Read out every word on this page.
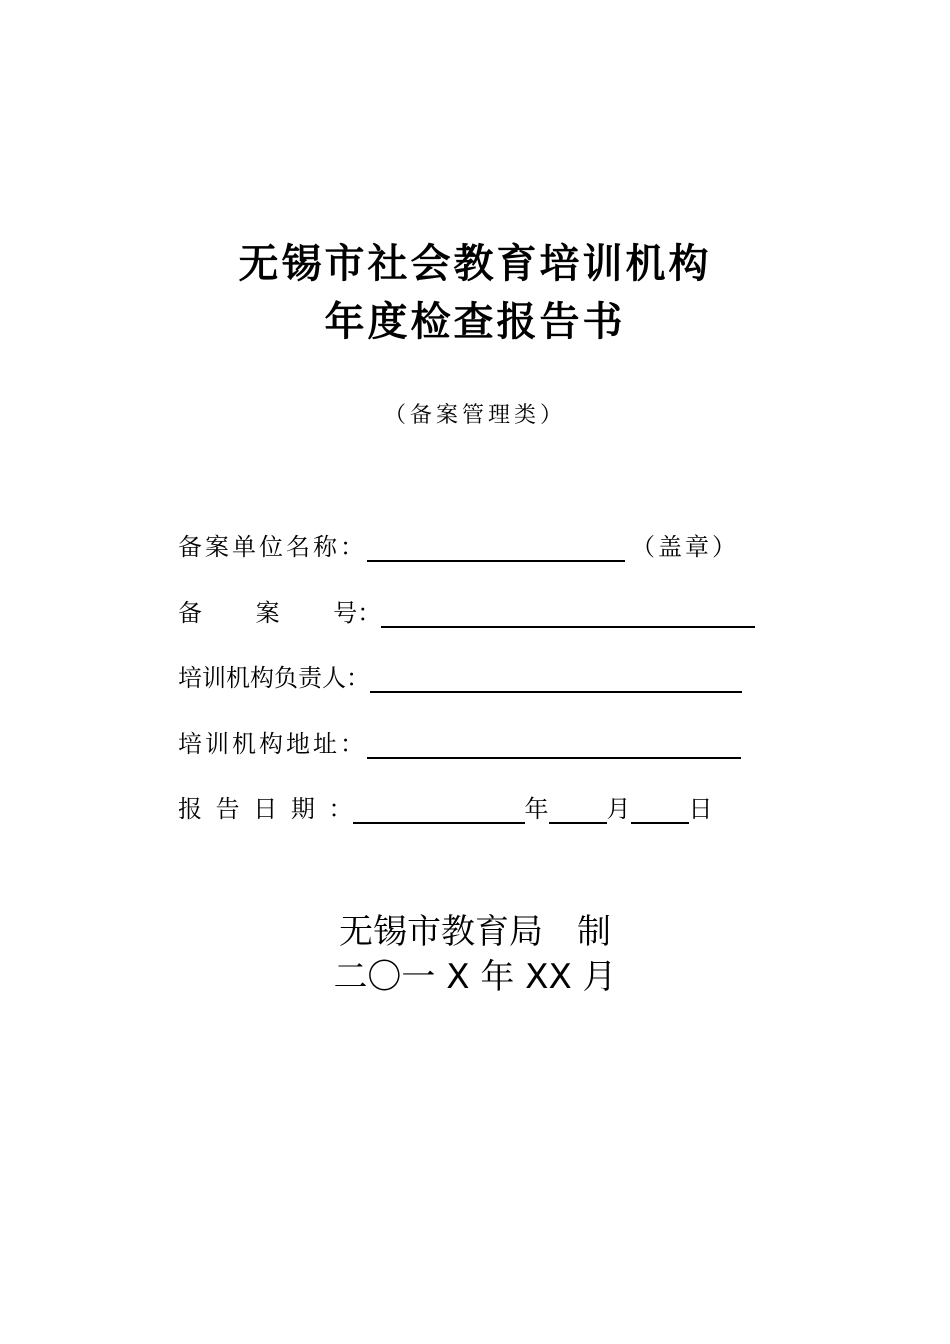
无锡市社会教育培训机构
年度检查报告书
（备案管理类）
备案单位名称：	（盖章）
备 案 号：
培训机构负责人：
培训机构地址：
报 告 日 期 ：	年 月 日
无锡市教育局　制
二〇一 X 年 XX 月
